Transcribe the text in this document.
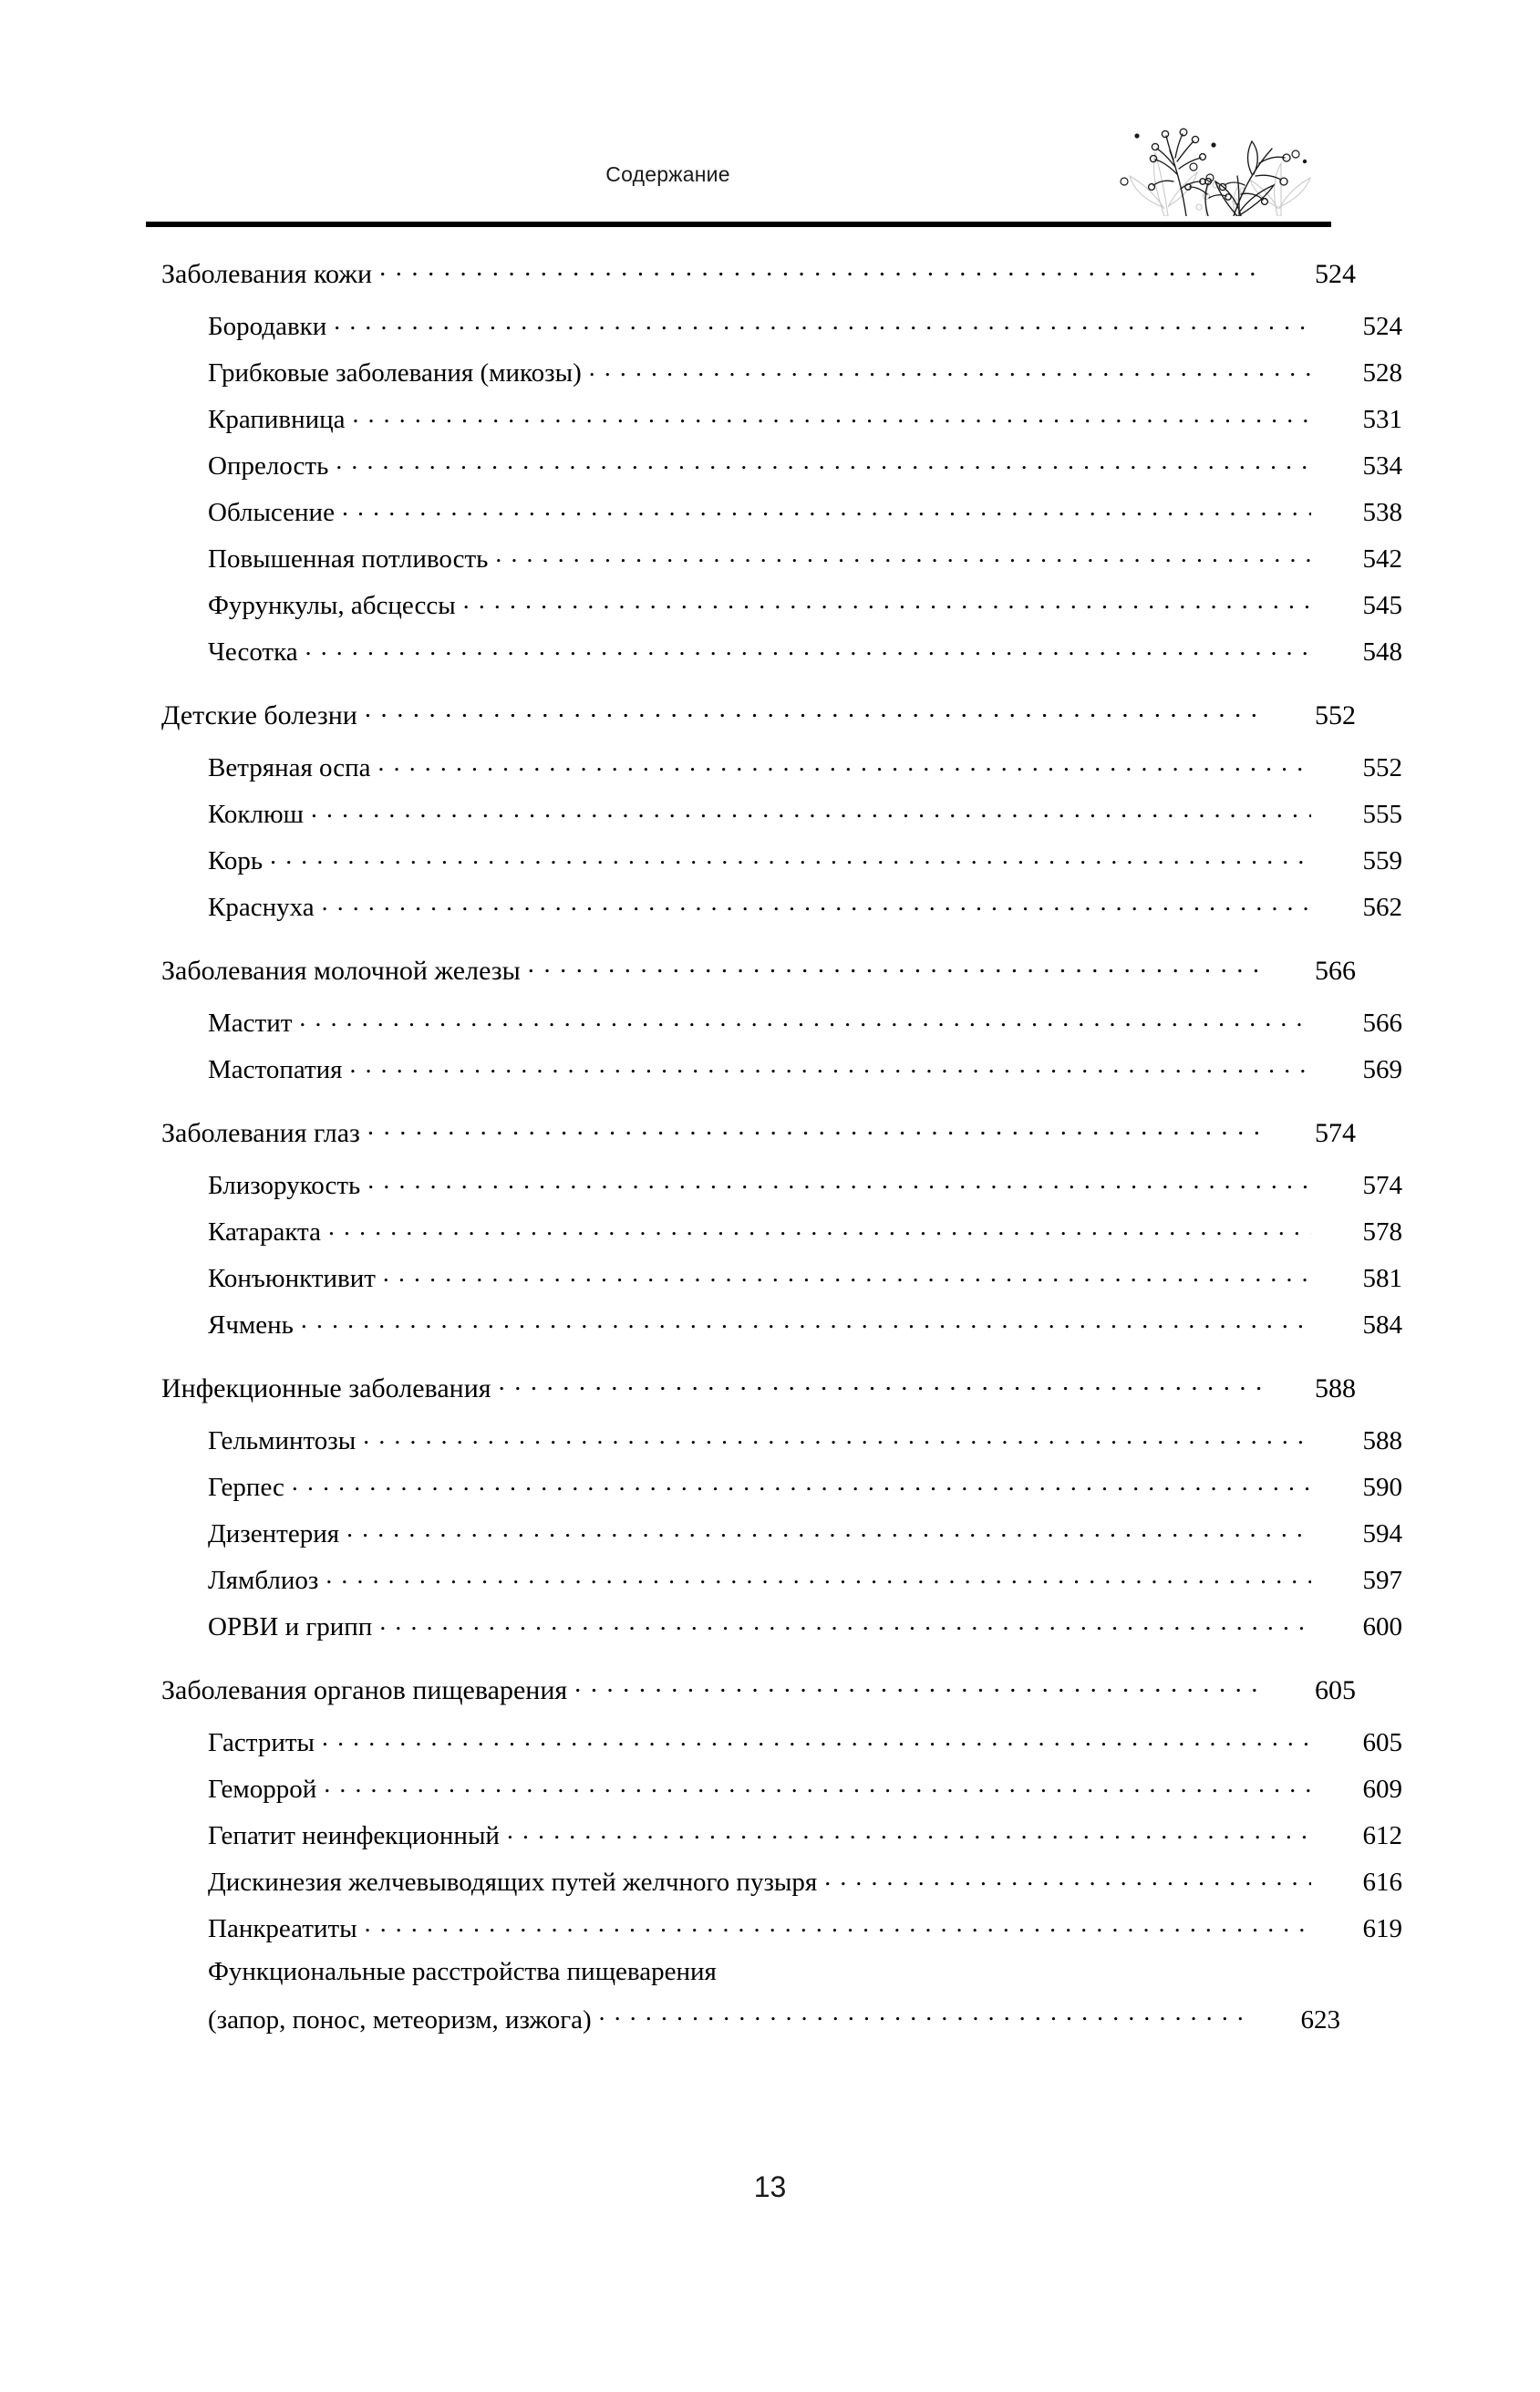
Содержание
Заболевания кожи . . .	524
Бородавки . . .	524
Грибковые заболевания (микозы) . . .	528
Крапивница . . .	531
Опрелость . . .	534
Облысение . . .	538
Повышенная потливость . . .	542
Фурункулы, абсцессы . . .	545
Чесотка . . .	548
Детские болезни . . .	552
Ветряная оспа . . .	552
Коклюш . . .	555
Корь . . .	559
Краснуха . . .	562
Заболевания молочной железы . . .	566
Мастит . . .	566
Мастопатия . . .	569
Заболевания глаз . . .	574
Близорукость . . .	574
Катаракта . . .	578
Конъюнктивит . . .	581
Ячмень . . .	584
Инфекционные заболевания . . .	588
Гельминтозы . . .	588
Герпес . . .	590
Дизентерия . . .	594
Лямблиоз . . .	597
ОРВИ и грипп . . .	600
Заболевания органов пищеварения . . .	605
Гастриты . . .	605
Геморрой . . .	609
Гепатит неинфекционный . . .	612
Дискинезия желчевыводящих путей желчного пузыря . . .	616
Панкреатиты . . .	619
Функциональные расстройства пищеварения
(запор, понос, метеоризм, изжога) . . .	623
13
